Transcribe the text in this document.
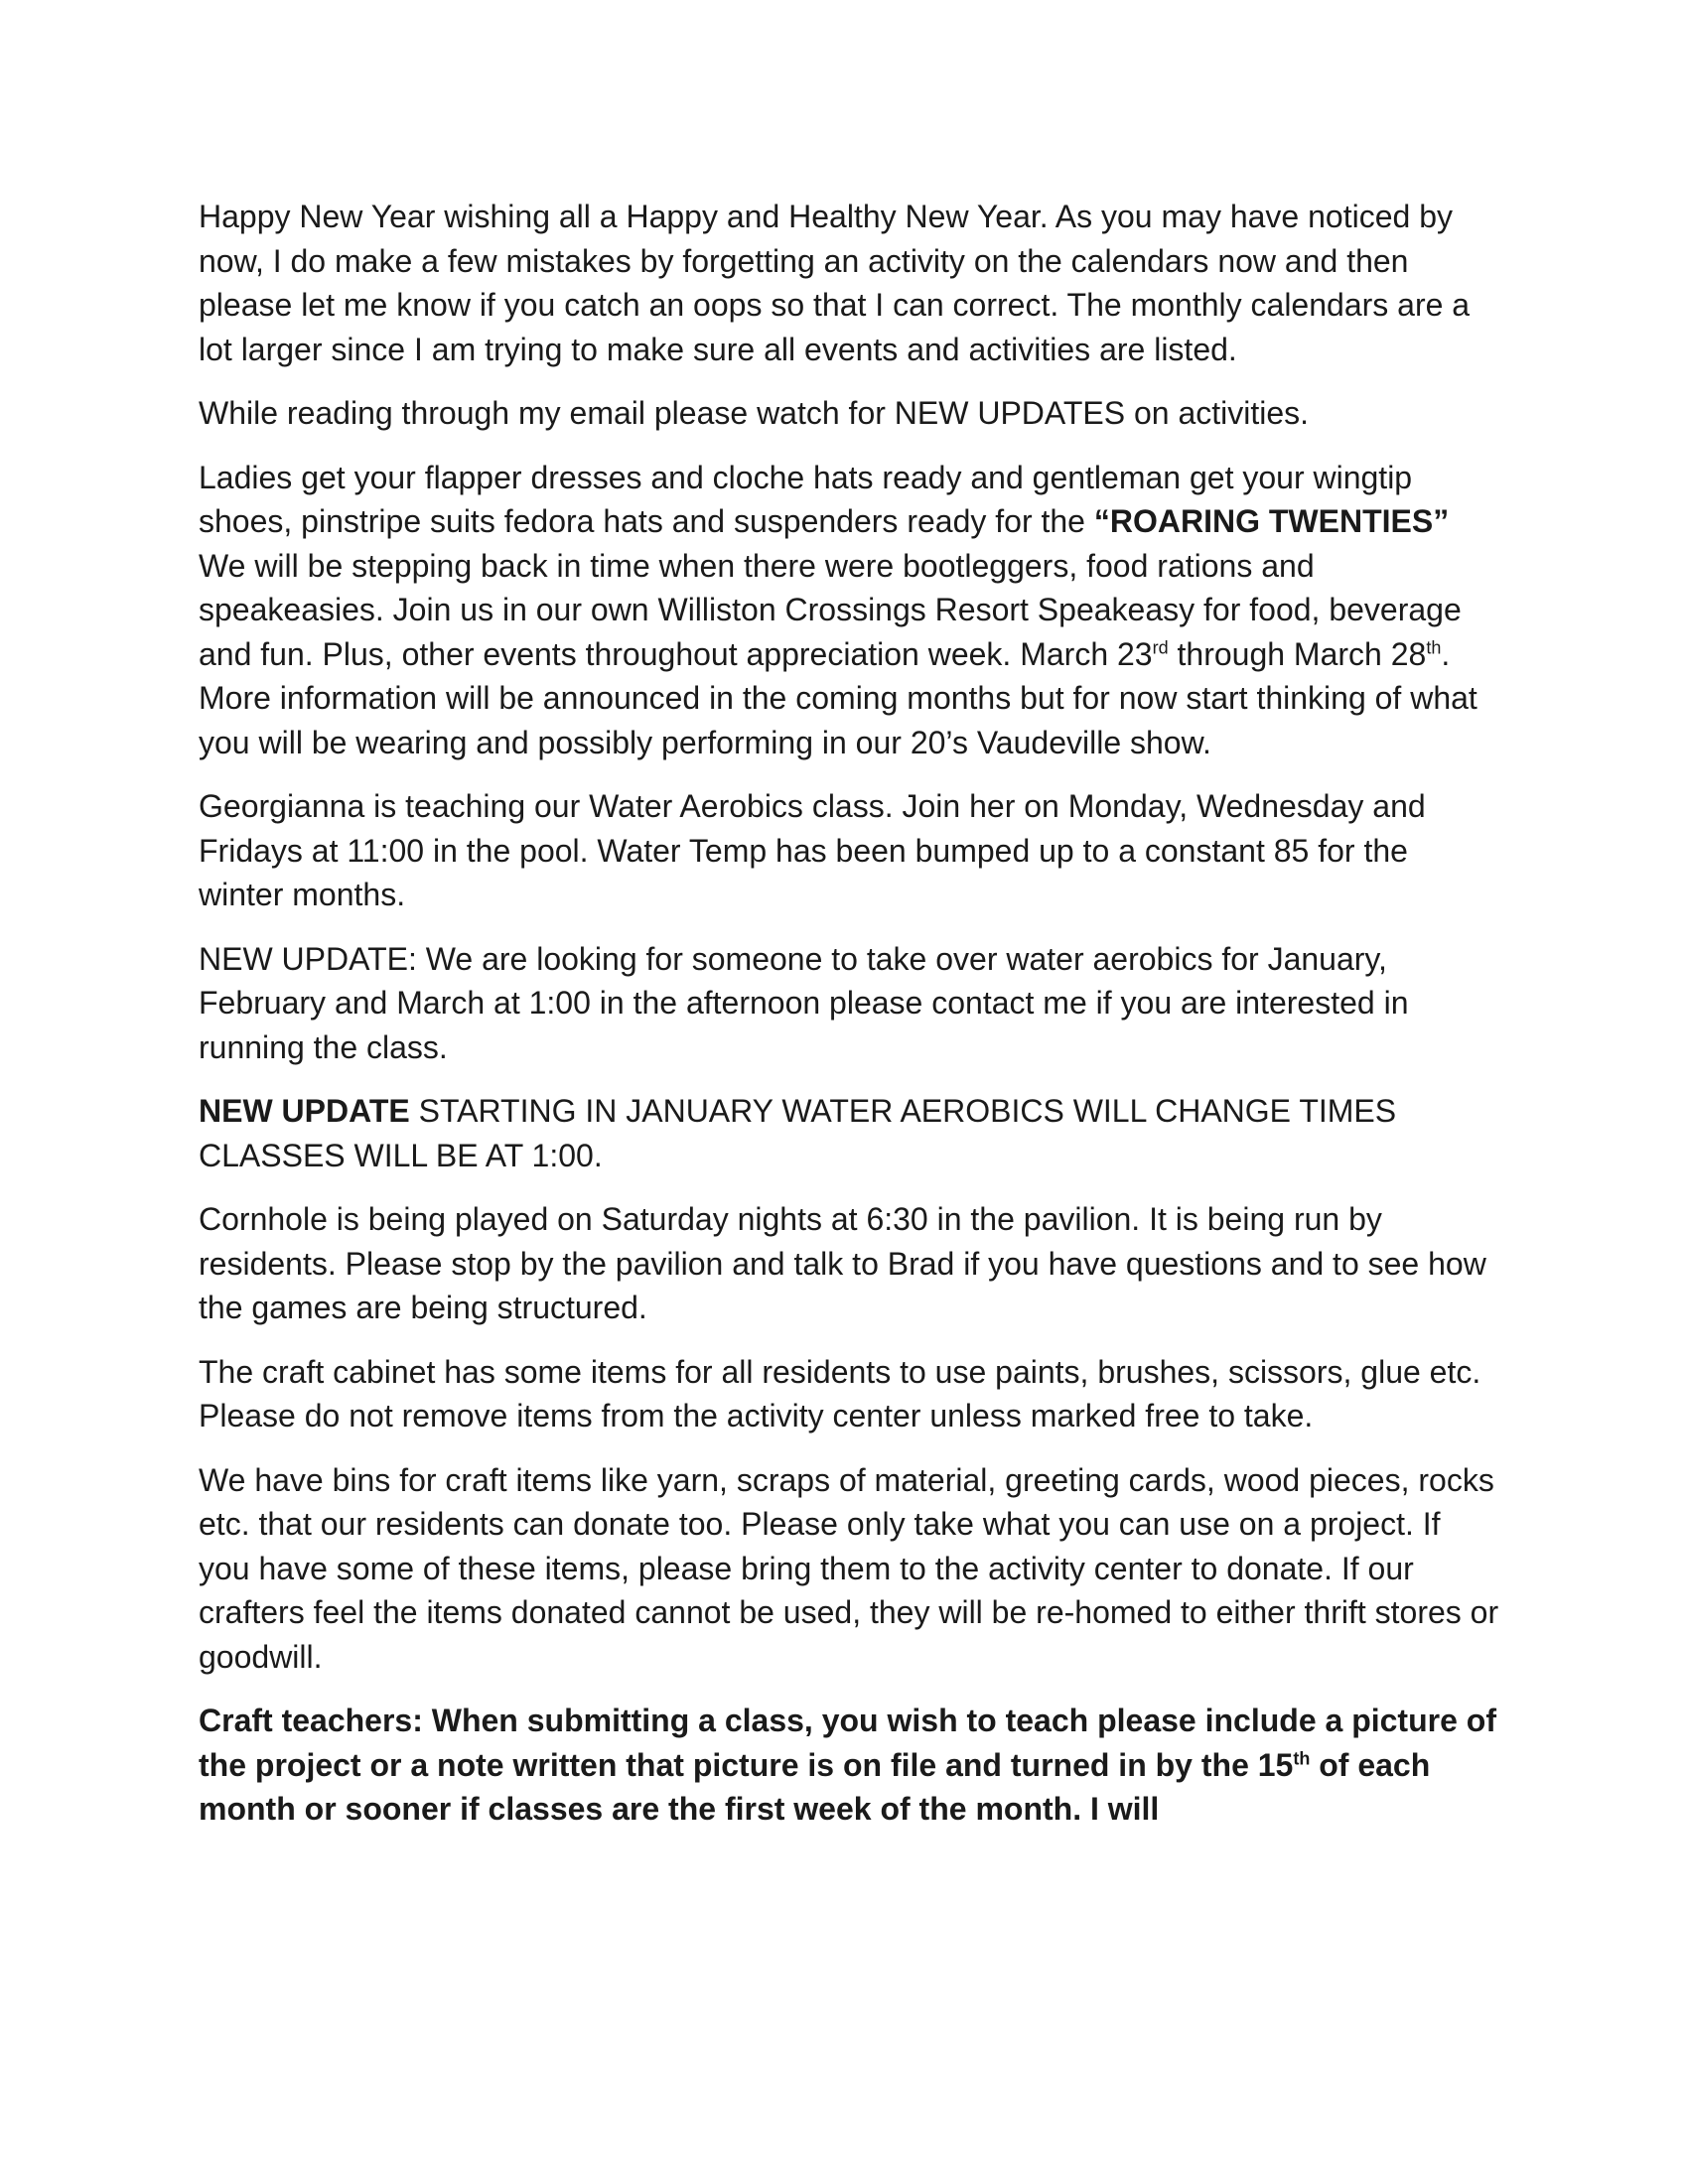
Happy New Year wishing all a Happy and Healthy New Year. As you may have noticed by now, I do make a few mistakes by forgetting an activity on the calendars now and then please let me know if you catch an oops so that I can correct. The monthly calendars are a lot larger since I am trying to make sure all events and activities are listed.

While reading through my email please watch for NEW UPDATES on activities.

Ladies get your flapper dresses and cloche hats ready and gentleman get your wingtip shoes, pinstripe suits fedora hats and suspenders ready for the “ROARING TWENTIES” We will be stepping back in time when there were bootleggers, food rations and speakeasies. Join us in our own Williston Crossings Resort Speakeasy for food, beverage and fun. Plus, other events throughout appreciation week. March 23rd through March 28th. More information will be announced in the coming months but for now start thinking of what you will be wearing and possibly performing in our 20’s Vaudeville show.

Georgianna is teaching our Water Aerobics class. Join her on Monday, Wednesday and Fridays at 11:00 in the pool. Water Temp has been bumped up to a constant 85 for the winter months.

NEW UPDATE: We are looking for someone to take over water aerobics for January, February and March at 1:00 in the afternoon please contact me if you are interested in running the class.

NEW UPDATE STARTING IN JANUARY WATER AEROBICS WILL CHANGE TIMES CLASSES WILL BE AT 1:00.

Cornhole is being played on Saturday nights at 6:30 in the pavilion. It is being run by residents. Please stop by the pavilion and talk to Brad if you have questions and to see how the games are being structured.

The craft cabinet has some items for all residents to use paints, brushes, scissors, glue etc. Please do not remove items from the activity center unless marked free to take.

We have bins for craft items like yarn, scraps of material, greeting cards, wood pieces, rocks etc. that our residents can donate too. Please only take what you can use on a project. If you have some of these items, please bring them to the activity center to donate. If our crafters feel the items donated cannot be used, they will be re-homed to either thrift stores or goodwill.

Craft teachers: When submitting a class, you wish to teach please include a picture of the project or a note written that picture is on file and turned in by the 15th of each month or sooner if classes are the first week of the month. I will
